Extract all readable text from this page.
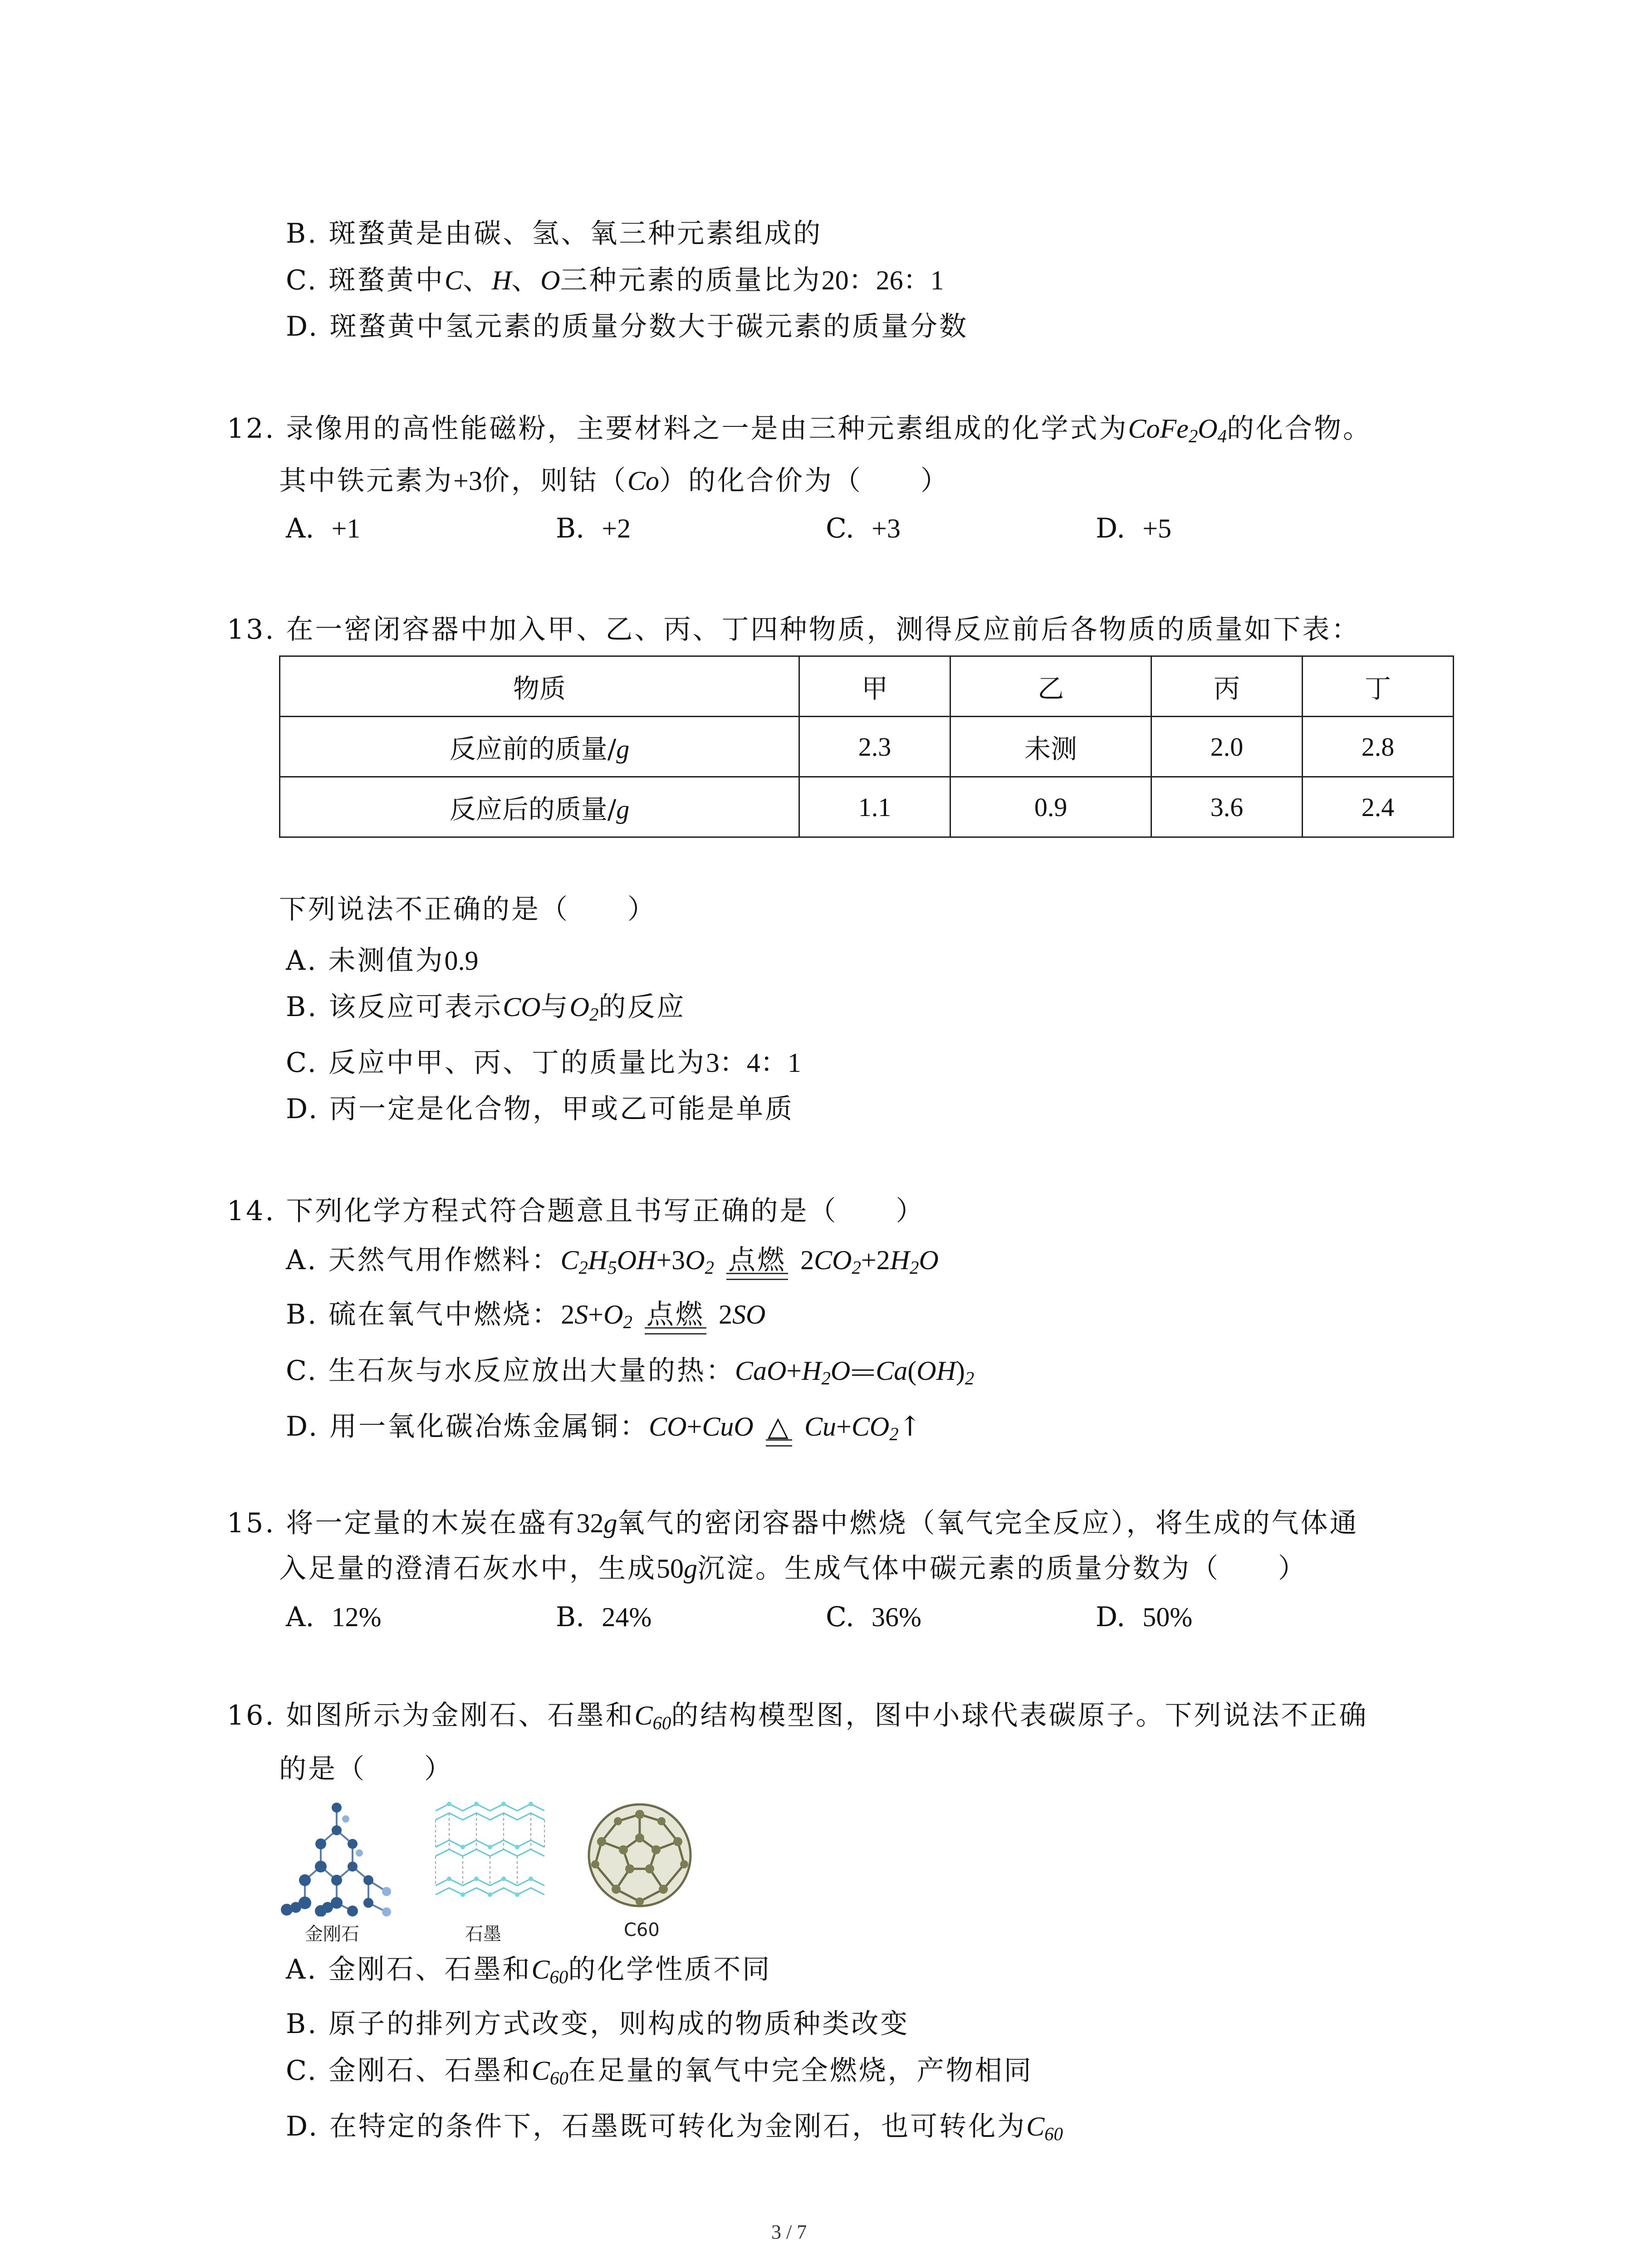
B. 斑蝥黄是由碳、氢、氧三种元素组成的
C. 斑蝥黄中C、H、O三种元素的质量比为20：26：1
D. 斑蝥黄中氢元素的质量分数大于碳元素的质量分数
12. 录像用的高性能磁粉，主要材料之一是由三种元素组成的化学式为$CoFe_2O_4$的化合物。
其中铁元素为+3价，则钴（Co）的化合价为（　　）
A. +1	B. +2	C. +3	D. +5
13. 在一密闭容器中加入甲、乙、丙、丁四种物质，测得反应前后各物质的质量如下表：
物质	甲	乙	丙	丁
反应前的质量/g	2.3	未测	2.0	2.8
反应后的质量/g	1.1	0.9	3.6	2.4
下列说法不正确的是（　　）
A. 未测值为0.9
B. 该反应可表示CO与$O_2$的反应
C. 反应中甲、丙、丁的质量比为3：4：1
D. 丙一定是化合物，甲或乙可能是单质
14. 下列化学方程式符合题意且书写正确的是（　　）
A. 天然气用作燃料：$C_2H_5OH+3O_2$ 点燃 $2CO_2+2H_2O$
B. 硫在氧气中燃烧：$2S+O_2$ 点燃 2SO
C. 生石灰与水反应放出大量的热：$CaO+H_2O$ $Ca(OH)_2$
D. 用一氧化碳冶炼金属铜：CO+CuO △ $Cu+CO_2↑$
15. 将一定量的木炭在盛有32g氧气的密闭容器中燃烧（氧气完全反应），将生成的气体通
入足量的澄清石灰水中，生成50g沉淀。生成气体中碳元素的质量分数为（　　）
A. 12%	B. 24%	C. 36%	D. 50%
16. 如图所示为金刚石、石墨和$C_{60}$的结构模型图，图中小球代表碳原子。下列说法不正确
的是（　　）
金刚石	石墨	C60
A. 金刚石、石墨和$C_{60}$的化学性质不同
B. 原子的排列方式改变，则构成的物质种类改变
C. 金刚石、石墨和$C_{60}$在足量的氧气中完全燃烧，产物相同
D. 在特定的条件下，石墨既可转化为金刚石，也可转化为$C_{60}$
3 / 7
